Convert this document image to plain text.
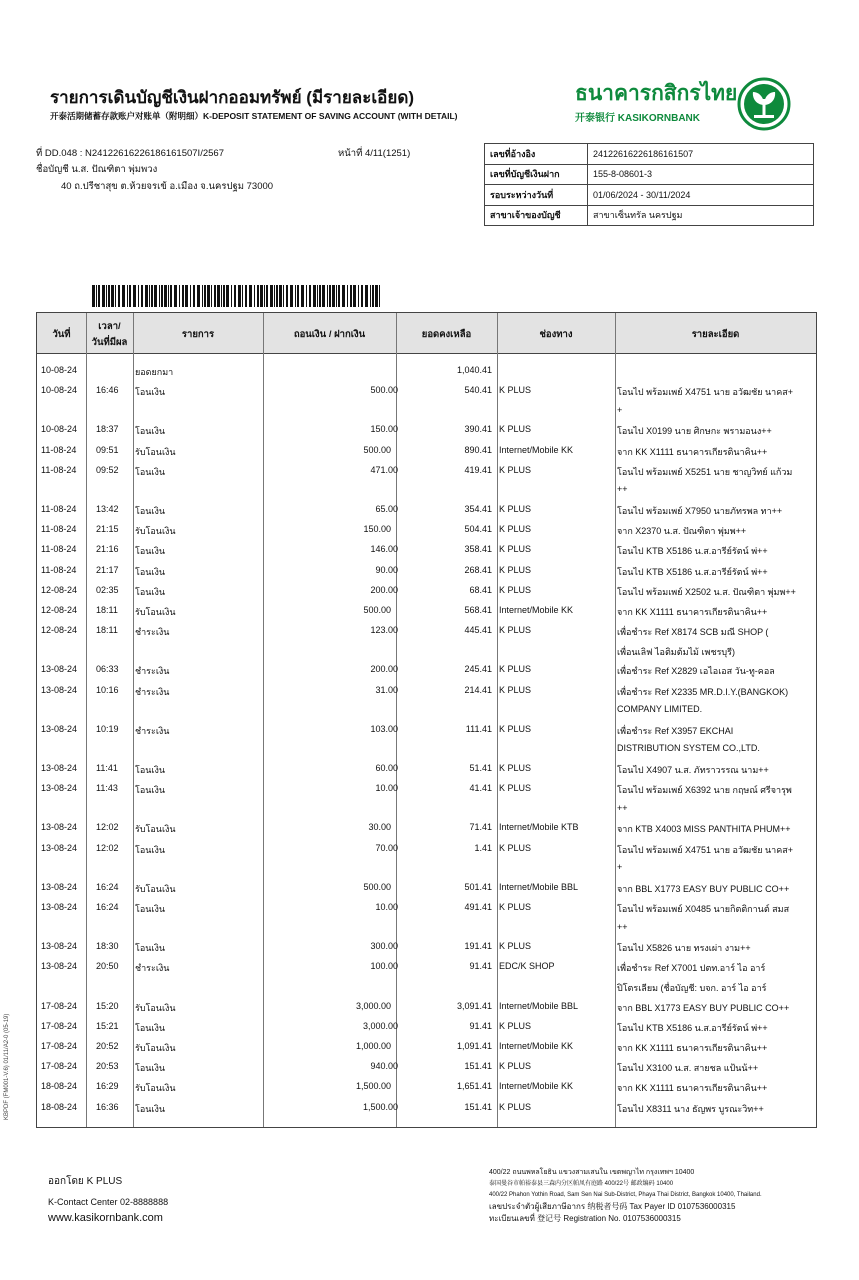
รายการเดินบัญชีเงินฝากออมทรัพย์ (มีรายละเอียด)
开泰活期储蓄存款账户对账单（附明细）K-DEPOSIT STATEMENT OF SAVING ACCOUNT (WITH DETAIL)
ธนาคารกสิกรไทย
开泰银行 KASIKORNBANK
ที่ DD.048 : N24122616226186161507I/2567	หน้าที่ 4/11(1251)
ชื่อบัญชี น.ส. ปัณฑิตา พุ่มพวง
40 ถ.ปรีชาสุข ต.ห้วยจรเข้ อ.เมือง จ.นครปฐม 73000
เลขที่อ้างอิง	24122616226186161507
เลขที่บัญชีเงินฝาก	155-8-08601-3
รอบระหว่างวันที่	01/06/2024 - 30/11/2024
สาขาเจ้าของบัญชี	สาขาเซ็นทรัล นครปฐม
วันที่
เวลา/
วันที่มีผล
รายการ	ถอนเงิน / ฝากเงิน	ยอดคงเหลือ	ช่องทาง	รายละเอียด
10-08-24	ยอดยกมา	1,040.41
10-08-24 16:46 โอนเงิน	500.00	540.41 K PLUS	โอนไป พร้อมเพย์ X4751 นาย อวัฒชัย นาคส+
+
10-08-24 18:37 โอนเงิน	150.00	390.41 K PLUS	โอนไป X0199 นาย ศิกษกะ พรามอนง++
11-08-24 09:51 รับโอนเงิน	500.00	890.41 Internet/Mobile KK	จาก KK X1111 ธนาคารเกียรตินาคิน++
11-08-24 09:52 โอนเงิน	471.00	419.41 K PLUS	โอนไป พร้อมเพย์ X5251 นาย ชาญวิทย์ แก้วม
++
11-08-24 13:42 โอนเงิน	65.00	354.41 K PLUS	โอนไป พร้อมเพย์ X7950 นายภัทรพล ทา++
11-08-24 21:15 รับโอนเงิน	150.00	504.41 K PLUS	จาก X2370 น.ส. ปัณฑิตา พุ่มพ++
11-08-24 21:16 โอนเงิน	146.00	358.41 K PLUS	โอนไป KTB X5186 น.ส.อารีย์รัตน์ พ่++
11-08-24 21:17 โอนเงิน	90.00	268.41 K PLUS	โอนไป KTB X5186 น.ส.อารีย์รัตน์ พ่++
12-08-24 02:35 โอนเงิน	200.00	68.41 K PLUS	โอนไป พร้อมเพย์ X2502 น.ส. ปัณฑิตา พุ่มพ++
12-08-24 18:11 รับโอนเงิน	500.00	568.41 Internet/Mobile KK	จาก KK X1111 ธนาคารเกียรตินาคิน++
12-08-24 18:11 ชำระเงิน	123.00	445.41 K PLUS	เพื่อชำระ Ref X8174 SCB มณี SHOP (
เพื่อนเลิฟ ไอติมต้มไม้ เพชรบุรี)
13-08-24 06:33 ชำระเงิน	200.00	245.41 K PLUS	เพื่อชำระ Ref X2829 เอไอเอส วัน-ทู-คอล
13-08-24 10:16 ชำระเงิน	31.00	214.41 K PLUS	เพื่อชำระ Ref X2335 MR.D.I.Y.(BANGKOK)
COMPANY LIMITED.
13-08-24 10:19 ชำระเงิน	103.00	111.41 K PLUS	เพื่อชำระ Ref X3957 EKCHAI
DISTRIBUTION SYSTEM CO.,LTD.
13-08-24 11:41 โอนเงิน	60.00	51.41 K PLUS	โอนไป X4907 น.ส. ภัทราวรรณ นาม++
13-08-24 11:43 โอนเงิน	10.00	41.41 K PLUS	โอนไป พร้อมเพย์ X6392 นาย กฤษณ์ ศรีจารุพ
++
13-08-24 12:02 รับโอนเงิน	30.00	71.41 Internet/Mobile KTB	จาก KTB X4003 MISS PANTHITA PHUM++
13-08-24 12:02 โอนเงิน	70.00	1.41 K PLUS	โอนไป พร้อมเพย์ X4751 นาย อวัฒชัย นาคส+
+
13-08-24 16:24 รับโอนเงิน	500.00	501.41 Internet/Mobile BBL	จาก BBL X1773 EASY BUY PUBLIC CO++
13-08-24 16:24 โอนเงิน	10.00	491.41 K PLUS	โอนไป พร้อมเพย์ X0485 นายกิตติกานต์ สมส
++
13-08-24 18:30 โอนเงิน	300.00	191.41 K PLUS	โอนไป X5826 นาย ทรงเผ่า งาม++
13-08-24 20:50 ชำระเงิน	100.00	91.41 EDC/K SHOP	เพื่อชำระ Ref X7001 ปตท.อาร์ ไอ อาร์
ปิโตรเลียม (ชื่อบัญชี: บจก. อาร์ ไอ อาร์
17-08-24 15:20 รับโอนเงิน	3,000.00	3,091.41 Internet/Mobile BBL	จาก BBL X1773 EASY BUY PUBLIC CO++
17-08-24 15:21 โอนเงิน	3,000.00	91.41 K PLUS	โอนไป KTB X5186 น.ส.อารีย์รัตน์ พ่++
17-08-24 20:52 รับโอนเงิน	1,000.00	1,091.41 Internet/Mobile KK	จาก KK X1111 ธนาคารเกียรตินาคิน++
17-08-24 20:53 โอนเงิน	940.00	151.41 K PLUS	โอนไป X3100 น.ส. สายชล แป้นน้++
18-08-24 16:29 รับโอนเงิน	1,500.00	1,651.41 Internet/Mobile KK	จาก KK X1111 ธนาคารเกียรตินาคิน++
18-08-24 16:36 โอนเงิน	1,500.00	151.41 K PLUS	โอนไป X8311 นาง ธัญพร บูรณะวิท++
ออกโดย K PLUS
K-Contact Center 02-8888888
www.kasikornbank.com
400/22 ถนนพหลโยธิน แขวงสามเสนใน เขตพญาไท กรุงเทพฯ 10400
泰国曼谷市帕裕泰县三森内分区帕凤有庭路 400/22号 邮政编码 10400
400/22 Phahon Yothin Road, Sam Sen Nai Sub-District, Phaya Thai District, Bangkok 10400, Thailand.
เลขประจำตัวผู้เสียภาษีอากร 纳税者号码 Tax Payer ID 0107536000315
ทะเบียนเลขที่ 登记号 Registration No. 0107536000315
KBPDF (FM001-V.6) 01/11/A2-0 (05-19)
